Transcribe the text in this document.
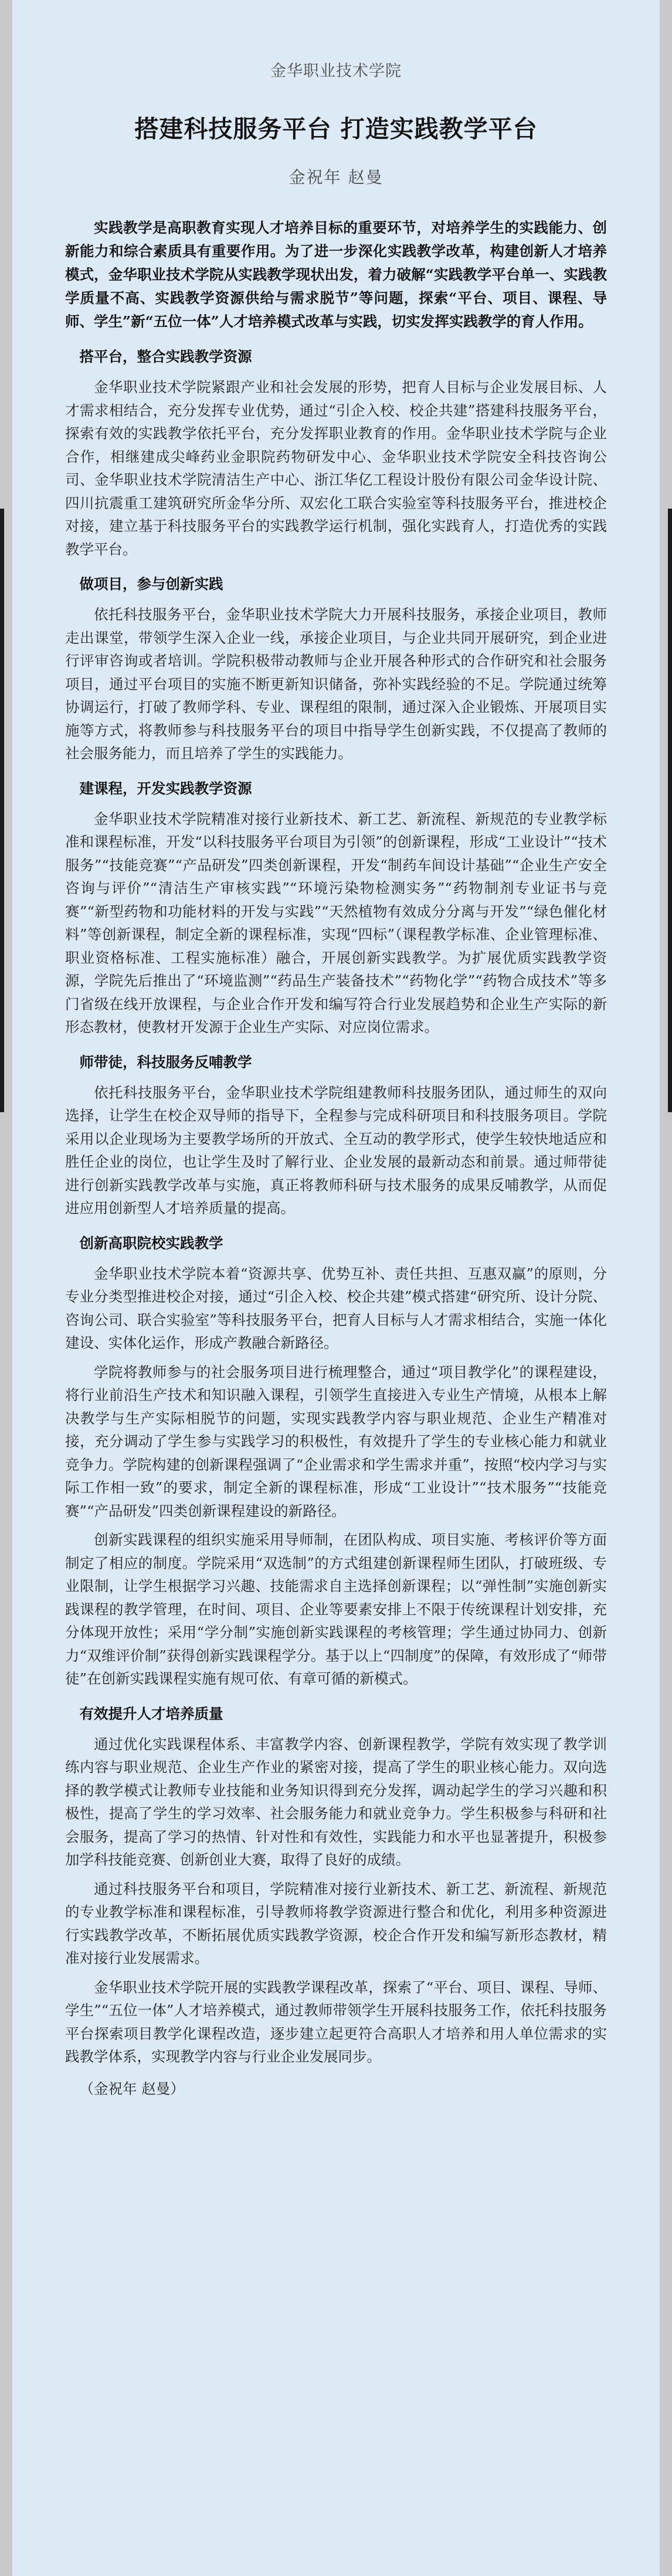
金华职业技术学院
搭建科技服务平台 打造实践教学平台
金祝年 赵曼

实践教学是高职教育实现人才培养目标的重要环节，对培养学生的实践能力、创新能力和综合素质具有重要作用。为了进一步深化实践教学改革，构建创新人才培养模式，金华职业技术学院从实践教学现状出发，着力破解“实践教学平台单一、实践教学质量不高、实践教学资源供给与需求脱节”等问题，探索“平台、项目、课程、导师、学生”新“五位一体”人才培养模式改革与实践，切实发挥实践教学的育人作用。

搭平台，整合实践教学资源

金华职业技术学院紧跟产业和社会发展的形势，把育人目标与企业发展目标、人才需求相结合，充分发挥专业优势，通过“引企入校、校企共建”搭建科技服务平台，探索有效的实践教学依托平台，充分发挥职业教育的作用。金华职业技术学院与企业合作，相继建成尖峰药业金职院药物研发中心、金华职业技术学院安全科技咨询公司、金华职业技术学院清洁生产中心、浙江华亿工程设计股份有限公司金华设计院、四川抗震重工建筑研究所金华分所、双宏化工联合实验室等科技服务平台，推进校企对接，建立基于科技服务平台的实践教学运行机制，强化实践育人，打造优秀的实践教学平台。

做项目，参与创新实践

依托科技服务平台，金华职业技术学院大力开展科技服务，承接企业项目，教师走出课堂，带领学生深入企业一线，承接企业项目，与企业共同开展研究，到企业进行评审咨询或者培训。学院积极带动教师与企业开展各种形式的合作研究和社会服务项目，通过平台项目的实施不断更新知识储备，弥补实践经验的不足。学院通过统筹协调运行，打破了教师学科、专业、课程组的限制，通过深入企业锻炼、开展项目实施等方式，将教师参与科技服务平台的项目中指导学生创新实践，不仅提高了教师的社会服务能力，而且培养了学生的实践能力。

建课程，开发实践教学资源

金华职业技术学院精准对接行业新技术、新工艺、新流程、新规范的专业教学标准和课程标准，开发“以科技服务平台项目为引领”的创新课程，形成“工业设计”“技术服务”“技能竞赛”“产品研发”四类创新课程，开发“制药车间设计基础”“企业生产安全咨询与评价”“清洁生产审核实践”“环境污染物检测实务”“药物制剂专业证书与竞赛”“新型药物和功能材料的开发与实践”“天然植物有效成分分离与开发”“绿色催化材料”等创新课程，制定全新的课程标准，实现“四标”（课程教学标准、企业管理标准、职业资格标准、工程实施标准）融合，开展创新实践教学。为扩展优质实践教学资源，学院先后推出了“环境监测”“药品生产装备技术”“药物化学”“药物合成技术”等多门省级在线开放课程，与企业合作开发和编写符合行业发展趋势和企业生产实际的新形态教材，使教材开发源于企业生产实际、对应岗位需求。

师带徒，科技服务反哺教学

依托科技服务平台，金华职业技术学院组建教师科技服务团队，通过师生的双向选择，让学生在校企双导师的指导下，全程参与完成科研项目和科技服务项目。学院采用以企业现场为主要教学场所的开放式、全互动的教学形式，使学生较快地适应和胜任企业的岗位，也让学生及时了解行业、企业发展的最新动态和前景。通过师带徒进行创新实践教学改革与实施，真正将教师科研与技术服务的成果反哺教学，从而促进应用创新型人才培养质量的提高。

创新高职院校实践教学

金华职业技术学院本着“资源共享、优势互补、责任共担、互惠双赢”的原则，分专业分类型推进校企对接，通过“引企入校、校企共建”模式搭建“研究所、设计分院、咨询公司、联合实验室”等科技服务平台，把育人目标与人才需求相结合，实施一体化建设、实体化运作，形成产教融合新路径。

学院将教师参与的社会服务项目进行梳理整合，通过“项目教学化”的课程建设，将行业前沿生产技术和知识融入课程，引领学生直接进入专业生产情境，从根本上解决教学与生产实际相脱节的问题，实现实践教学内容与职业规范、企业生产精准对接，充分调动了学生参与实践学习的积极性，有效提升了学生的专业核心能力和就业竞争力。学院构建的创新课程强调了“企业需求和学生需求并重”，按照“校内学习与实际工作相一致”的要求，制定全新的课程标准，形成“工业设计”“技术服务”“技能竞赛”“产品研发”四类创新课程建设的新路径。

创新实践课程的组织实施采用导师制，在团队构成、项目实施、考核评价等方面制定了相应的制度。学院采用“双选制”的方式组建创新课程师生团队，打破班级、专业限制，让学生根据学习兴趣、技能需求自主选择创新课程；以“弹性制”实施创新实践课程的教学管理，在时间、项目、企业等要素安排上不限于传统课程计划安排，充分体现开放性；采用“学分制”实施创新实践课程的考核管理；学生通过协同力、创新力“双维评价制”获得创新实践课程学分。基于以上“四制度”的保障，有效形成了“师带徒”在创新实践课程实施有规可依、有章可循的新模式。

有效提升人才培养质量

通过优化实践课程体系、丰富教学内容、创新课程教学，学院有效实现了教学训练内容与职业规范、企业生产作业的紧密对接，提高了学生的职业核心能力。双向选择的教学模式让教师专业技能和业务知识得到充分发挥，调动起学生的学习兴趣和积极性，提高了学生的学习效率、社会服务能力和就业竞争力。学生积极参与科研和社会服务，提高了学习的热情、针对性和有效性，实践能力和水平也显著提升，积极参加学科技能竞赛、创新创业大赛，取得了良好的成绩。

通过科技服务平台和项目，学院精准对接行业新技术、新工艺、新流程、新规范的专业教学标准和课程标准，引导教师将教学资源进行整合和优化，利用多种资源进行实践教学改革，不断拓展优质实践教学资源，校企合作开发和编写新形态教材，精准对接行业发展需求。

金华职业技术学院开展的实践教学课程改革，探索了“平台、项目、课程、导师、学生”“五位一体”人才培养模式，通过教师带领学生开展科技服务工作，依托科技服务平台探索项目教学化课程改造，逐步建立起更符合高职人才培养和用人单位需求的实践教学体系，实现教学内容与行业企业发展同步。

（金祝年 赵曼）
